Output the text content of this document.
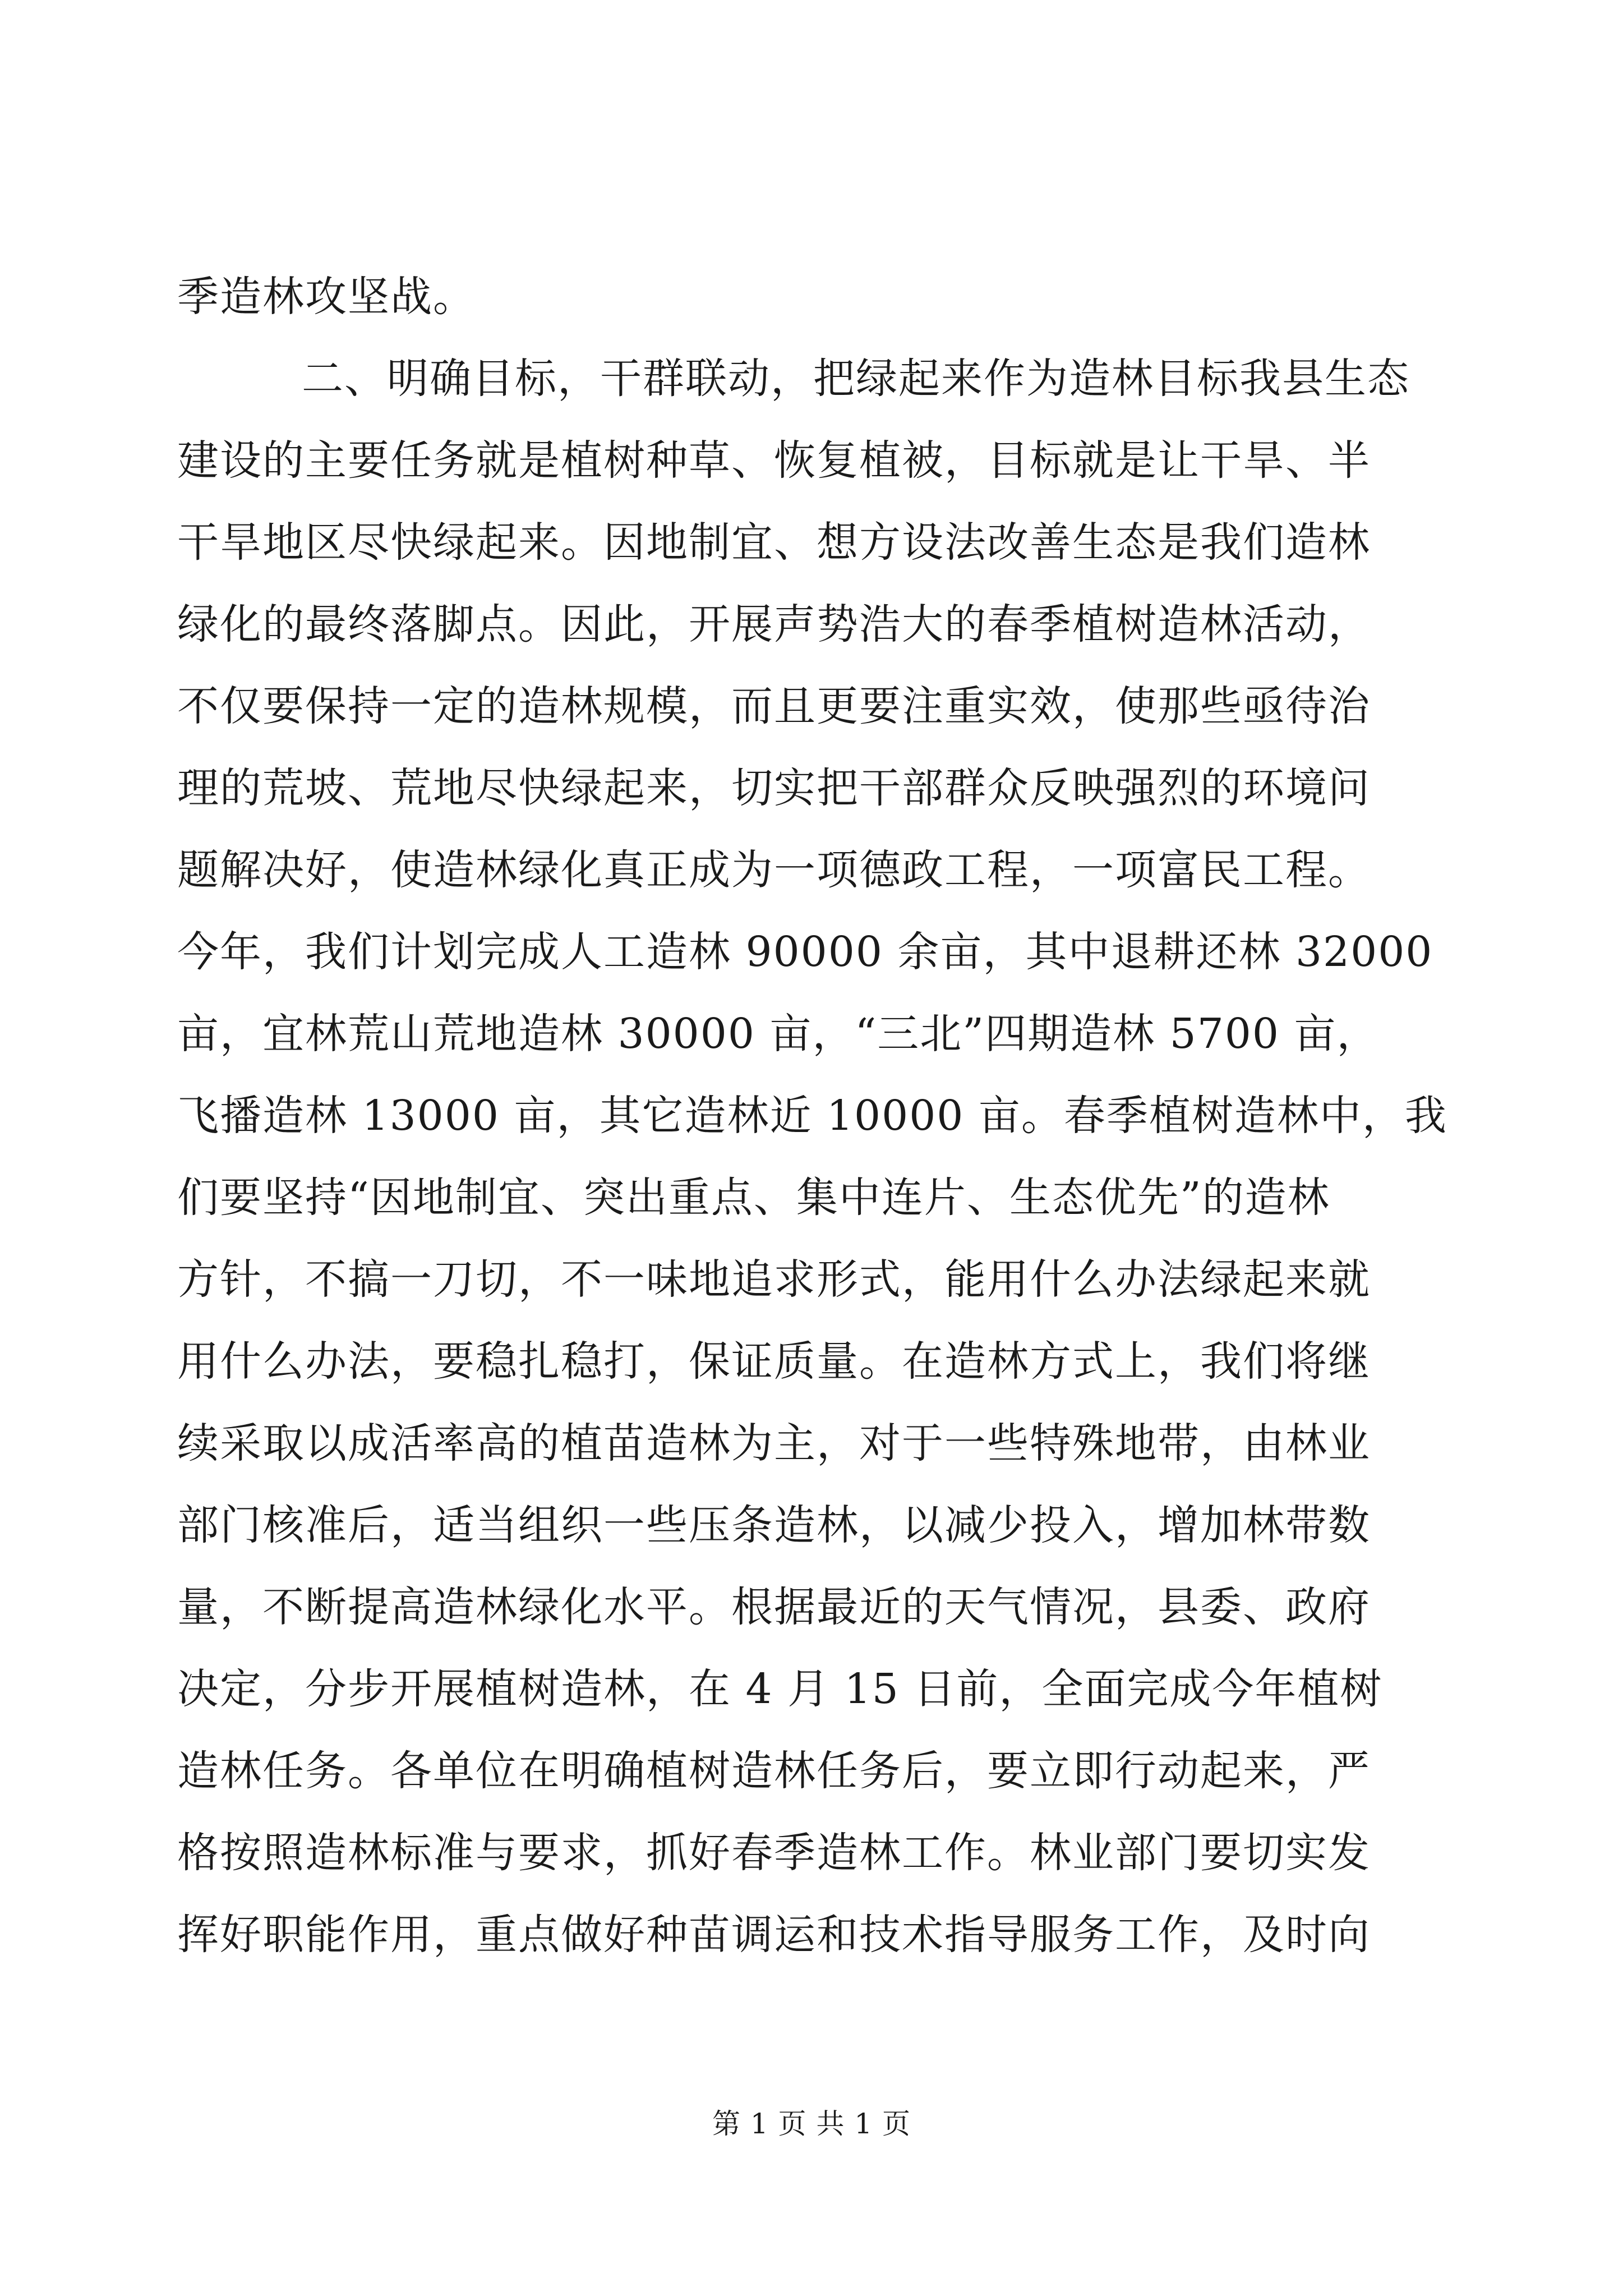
季造林攻坚战。
二、明确目标，干群联动，把绿起来作为造林目标我县生态
建设的主要任务就是植树种草、恢复植被，目标就是让干旱、半
干旱地区尽快绿起来。因地制宜、想方设法改善生态是我们造林
绿化的最终落脚点。因此，开展声势浩大的春季植树造林活动，
不仅要保持一定的造林规模，而且更要注重实效，使那些亟待治
理的荒坡、荒地尽快绿起来，切实把干部群众反映强烈的环境问
题解决好，使造林绿化真正成为一项德政工程，一项富民工程。
今年，我们计划完成人工造林 90000 余亩，其中退耕还林 32000
亩，宜林荒山荒地造林 30000 亩，“三北”四期造林 5700 亩，
飞播造林 13000 亩，其它造林近 10000 亩。春季植树造林中，我
们要坚持“因地制宜、突出重点、集中连片、生态优先”的造林
方针，不搞一刀切，不一味地追求形式，能用什么办法绿起来就
用什么办法，要稳扎稳打，保证质量。在造林方式上，我们将继
续采取以成活率高的植苗造林为主，对于一些特殊地带，由林业
部门核准后，适当组织一些压条造林，以减少投入，增加林带数
量，不断提高造林绿化水平。根据最近的天气情况，县委、政府
决定，分步开展植树造林，在 4 月 15 日前，全面完成今年植树
造林任务。各单位在明确植树造林任务后，要立即行动起来，严
格按照造林标准与要求，抓好春季造林工作。林业部门要切实发
挥好职能作用，重点做好种苗调运和技术指导服务工作，及时向
第 1 页 共 1 页
